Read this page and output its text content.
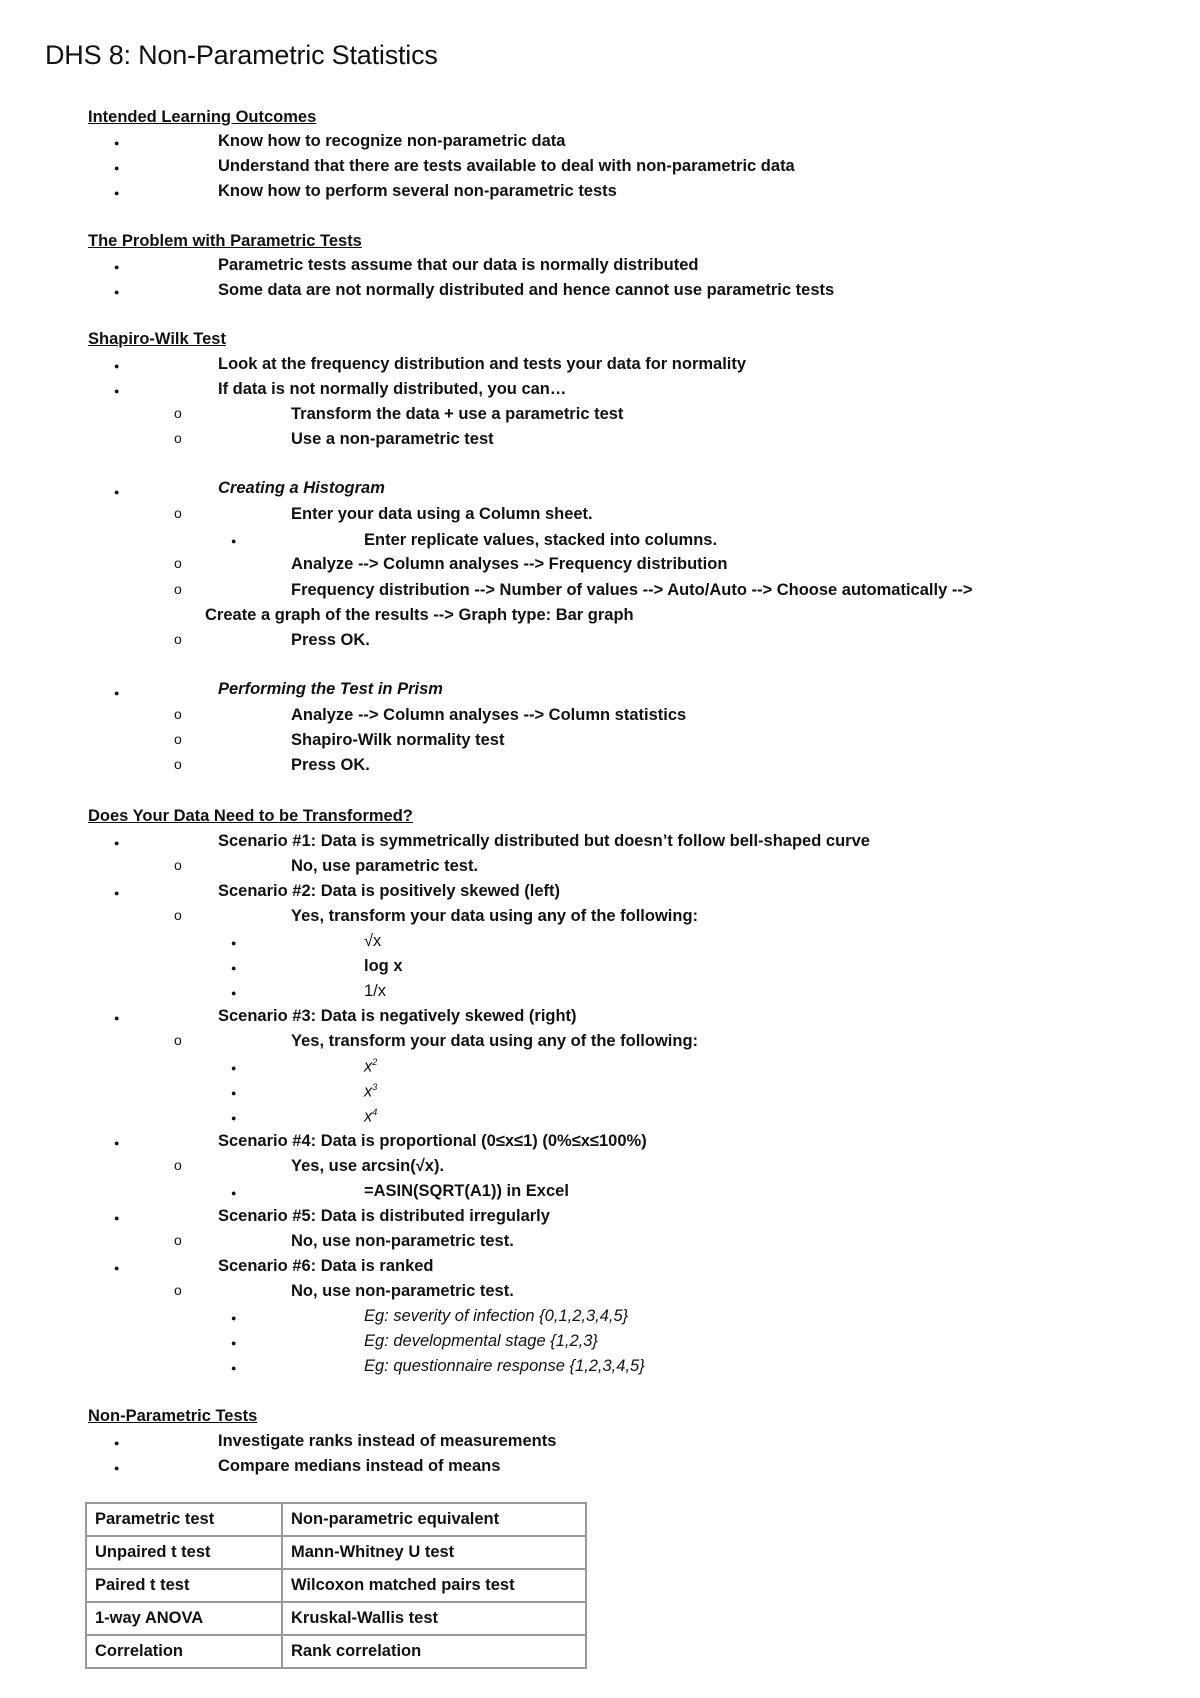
DHS 8: Non-Parametric Statistics
Intended Learning Outcomes
●
Know how to recognize non-parametric data
●
Understand that there are tests available to deal with non-parametric data
●
Know how to perform several non-parametric tests
The Problem with Parametric Tests
●
Parametric tests assume that our data is normally distributed
●
Some data are not normally distributed and hence cannot use parametric tests
Shapiro-Wilk Test
●
Look at the frequency distribution and tests your data for normality
●
If data is not normally distributed, you can…
o
Transform the data + use a parametric test
o
Use a non-parametric test
●
Creating a Histogram
o
Enter your data using a Column sheet.
●
Enter replicate values, stacked into columns.
o
Analyze --> Column analyses --> Frequency distribution
o
Frequency distribution --> Number of values --> Auto/Auto --> Choose automatically -->
Create a graph of the results --> Graph type: Bar graph
o
Press OK.
●
Performing the Test in Prism
o
Analyze --> Column analyses --> Column statistics
o
Shapiro-Wilk normality test
o
Press OK.
Does Your Data Need to be Transformed?
●
Scenario #1: Data is symmetrically distributed but doesn’t follow bell-shaped curve
o
No, use parametric test.
●
Scenario #2: Data is positively skewed (left)
o
Yes, transform your data using any of the following:
●
√x
●
log x
●
1/x
●
Scenario #3: Data is negatively skewed (right)
o
Yes, transform your data using any of the following:
●
$x^2$
●
$x^3$
●
$x^4$
●
Scenario #4: Data is proportional (0≤x≤1) (0%≤x≤100%)
o
Yes, use arcsin(√x).
●
=ASIN(SQRT(A1)) in Excel
●
Scenario #5: Data is distributed irregularly
o
No, use non-parametric test.
●
Scenario #6: Data is ranked
o
No, use non-parametric test.
●
Eg: severity of infection {0,1,2,3,4,5}
●
Eg: developmental stage {1,2,3}
●
Eg: questionnaire response {1,2,3,4,5}
Non-Parametric Tests
●
Investigate ranks instead of measurements
●
Compare medians instead of means
Parametric test	Non-parametric equivalent
Unpaired t test	Mann-Whitney U test
Paired t test	Wilcoxon matched pairs test
1-way ANOVA	Kruskal-Wallis test
Correlation	Rank correlation
